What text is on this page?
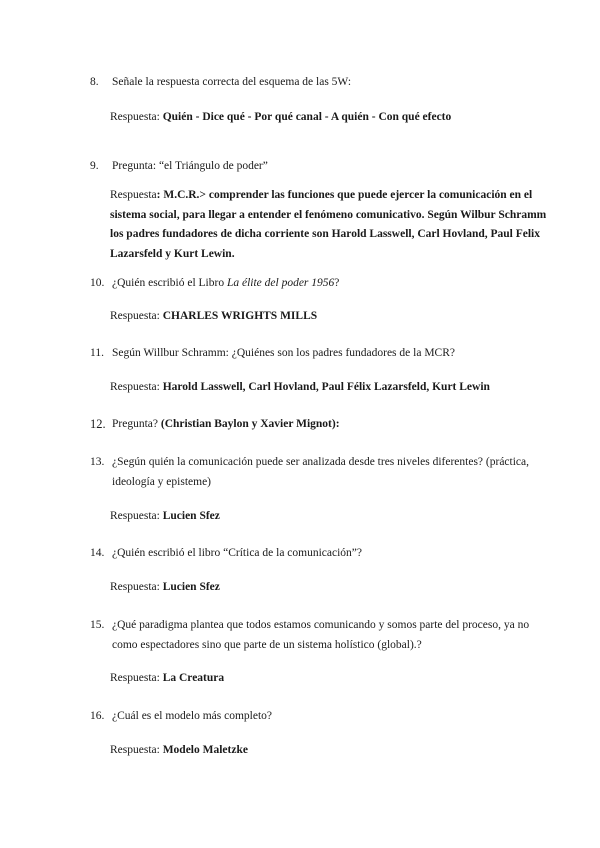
8. Señale la respuesta correcta del esquema de las 5W:
Respuesta: Quién - Dice qué - Por qué canal - A quién - Con qué efecto
9. Pregunta: “el Triángulo de poder”
Respuesta: M.C.R.> comprender las funciones que puede ejercer la comunicación en el sistema social, para llegar a entender el fenómeno comunicativo. Según Wilbur Schramm los padres fundadores de dicha corriente son Harold Lasswell, Carl Hovland, Paul Felix Lazarsfeld y Kurt Lewin.
10. ¿Quién escribió el Libro La élite del poder 1956?
Respuesta: CHARLES WRIGHTS MILLS
11. Según Willbur Schramm: ¿Quiénes son los padres fundadores de la MCR?
Respuesta: Harold Lasswell, Carl Hovland, Paul Félix Lazarsfeld, Kurt Lewin
12. Pregunta? (Christian Baylon y Xavier Mignot):
13. ¿Según quién la comunicación puede ser analizada desde tres niveles diferentes? (práctica, ideología y episteme)
Respuesta: Lucien Sfez
14. ¿Quién escribió el libro “Crítica de la comunicación”?
Respuesta: Lucien Sfez
15. ¿Qué paradigma plantea que todos estamos comunicando y somos parte del proceso, ya no como espectadores sino que parte de un sistema holístico (global).?
Respuesta: La Creatura
16. ¿Cuál es el modelo más completo?
Respuesta: Modelo Maletzke
